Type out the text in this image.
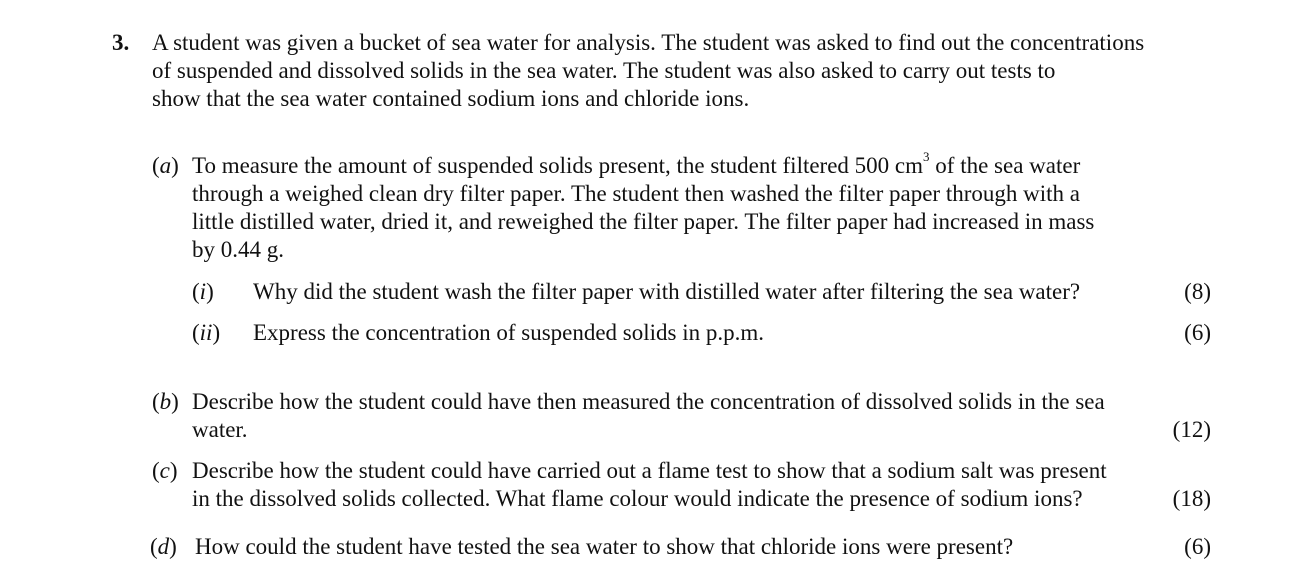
3. A student was given a bucket of sea water for analysis. The student was asked to find out the concentrations
of suspended and dissolved solids in the sea water. The student was also asked to carry out tests to
show that the sea water contained sodium ions and chloride ions.
(a) To measure the amount of suspended solids present, the student filtered 500 $cm^3$ of the sea water
through a weighed clean dry filter paper. The student then washed the filter paper through with a
little distilled water, dried it, and reweighed the filter paper. The filter paper had increased in mass
by 0.44 g.
(i) Why did the student wash the filter paper with distilled water after filtering the sea water?	(8)
(ii) Express the concentration of suspended solids in p.p.m.	(6)
(b) Describe how the student could have then measured the concentration of dissolved solids in the sea
water.	(12)
(c) Describe how the student could have carried out a flame test to show that a sodium salt was present
in the dissolved solids collected. What flame colour would indicate the presence of sodium ions?	(18)
(d) How could the student have tested the sea water to show that chloride ions were present?	(6)
